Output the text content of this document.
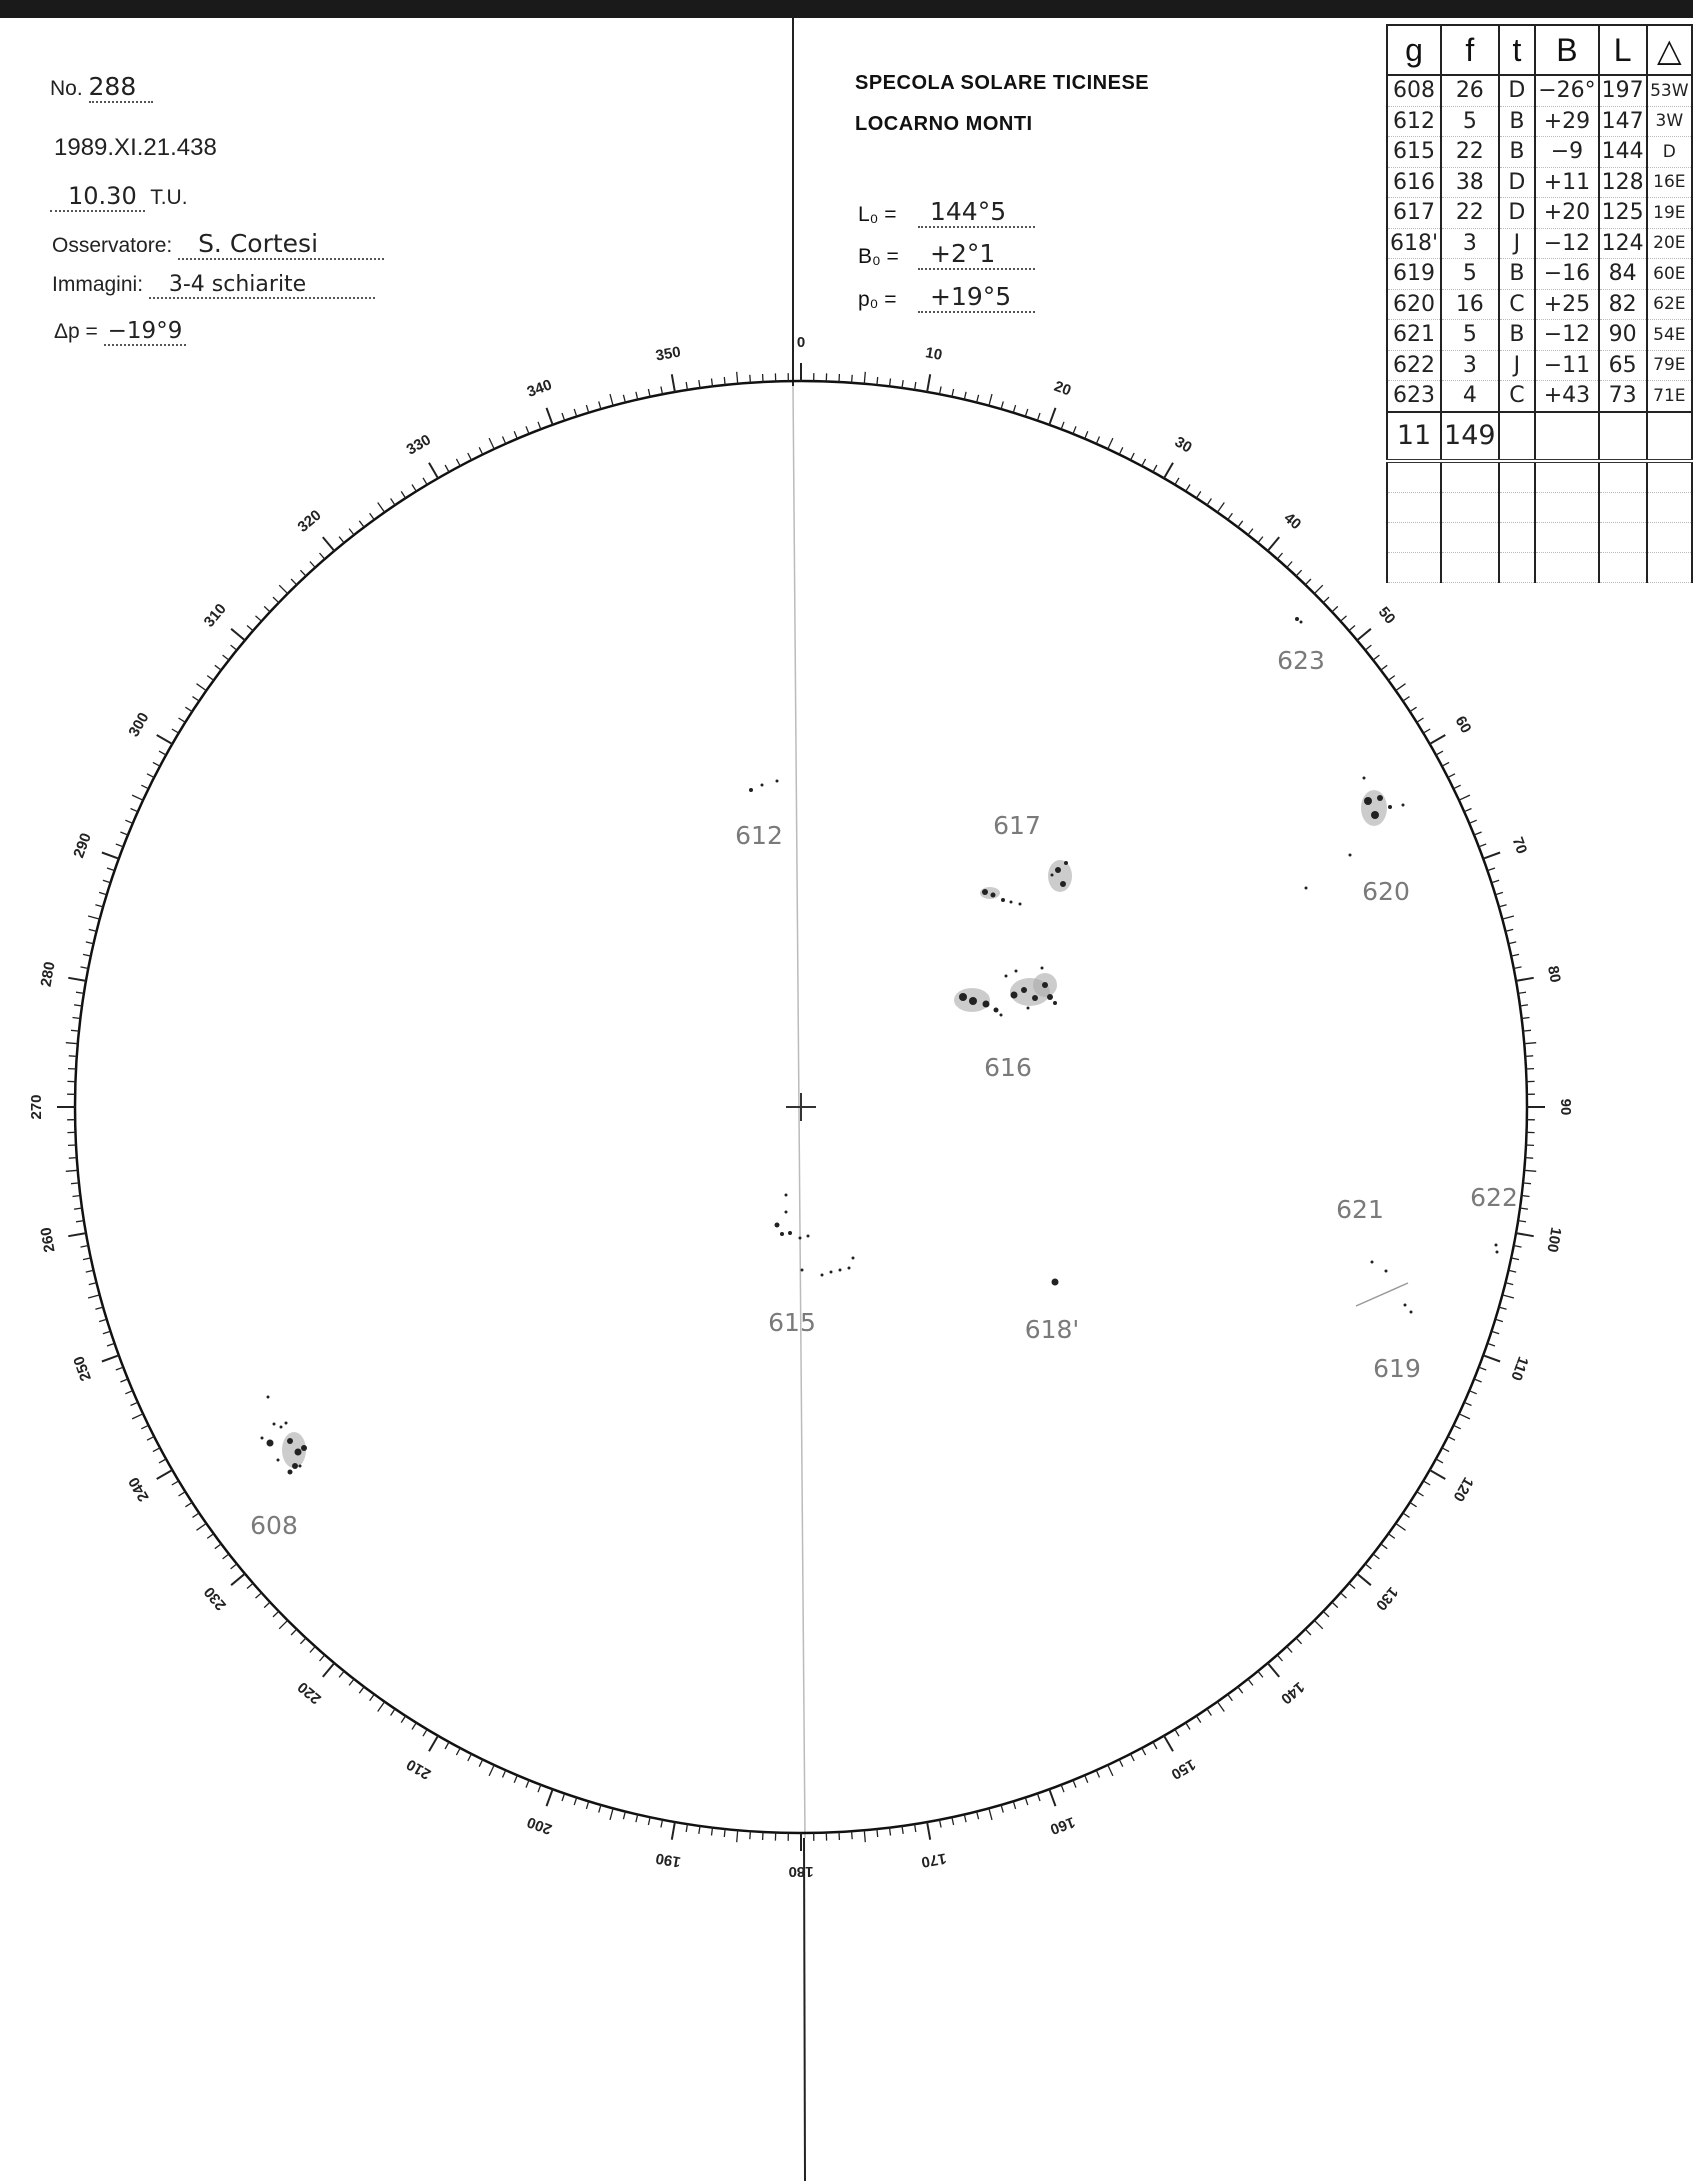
No. 288
1989.XI.21.438
10.30 T.U.
Osservatore: S. Cortesi
Immagini: 3-4 schiarite
Δp = −19°9
SPECOLA SOLARE TICINESE
LOCARNO MONTI
L₀ =	144°5
B₀ =	+2°1
p₀ =	+19°5
g	f	t	B	L	△
608	26	D	−26°	197	53W
612	5	B	+29	147	3W
615	22	B	−9	144	D
616	38	D	+11	128	16E
617	22	D	+20	125	19E
618'	3	J	−12	124	20E
619	5	B	−16	84	60E
620	16	C	+25	82	62E
621	5	B	−12	90	54E
622	3	J	−11	65	79E
623	4	C	+43	73	71E
11	149				

0
10
20
30
40
50
60
70
80
90
100
110
120
130
140
150
160
170
180
190
200
210
220
230
240
250
260
270
280
290
300
310
320
330
340
350
608
612
615
616
617
618'
619
620
621	622
623
